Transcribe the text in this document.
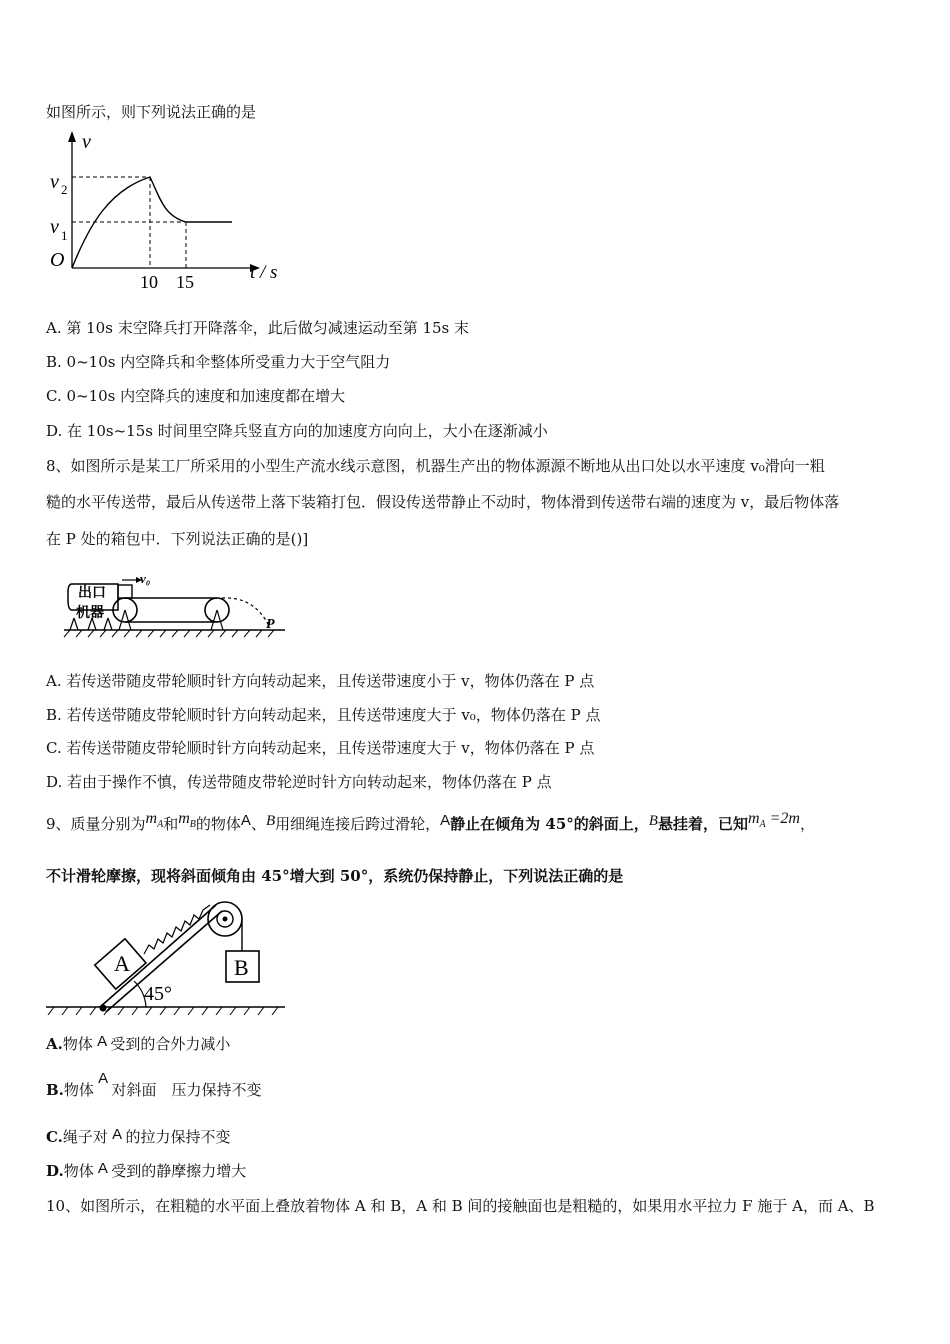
如图所示，则下列说法正确的是
v
t / s
O
v 2
v 1
10 15
A. 第 10s 末空降兵打开降落伞，此后做匀减速运动至第 15s 末
B. 0~10s 内空降兵和伞整体所受重力大于空气阻力
C. 0~10s 内空降兵的速度和加速度都在增大
D. 在 10s~15s 时间里空降兵竖直方向的加速度方向向上，大小在逐渐减小
8、如图所示是某工厂所采用的小型生产流水线示意图，机器生产出的物体源源不断地从出口处以水平速度 v₀滑向一粗
糙的水平传送带，最后从传送带上落下装箱打包．假设传送带静止不动时，物体滑到传送带右端的速度为 v，最后物体落
在 P 处的箱包中．下列说法正确的是()]
出口
机器
v₀
P
A. 若传送带随皮带轮顺时针方向转动起来，且传送带速度小于 v，物体仍落在 P 点
B. 若传送带随皮带轮顺时针方向转动起来，且传送带速度大于 v₀，物体仍落在 P 点
C. 若传送带随皮带轮顺时针方向转动起来，且传送带速度大于 v，物体仍落在 P 点
D. 若由于操作不慎，传送带随皮带轮逆时针方向转动起来，物体仍落在 P 点
9、质量分别为$m_A$和$m_B$的物体A、B用细绳连接后跨过滑轮，A静止在倾角为 45°的斜面上，B悬挂着，已知$m_A =2m$，
不计滑轮摩擦，现将斜面倾角由 45°增大到 50°，系统仍保持静止，下列说法正确的是
45°
A	B
A.物体 A 受到的合外力减小
B.物体 A 对斜面　压力保持不变
C.绳子对 A 的拉力保持不变
D.物体 A 受到的静摩擦力增大
10、如图所示，在粗糙的水平面上叠放着物体 A 和 B，A 和 B 间的接触面也是粗糙的，如果用水平拉力 F 施于 A，而 A、B
